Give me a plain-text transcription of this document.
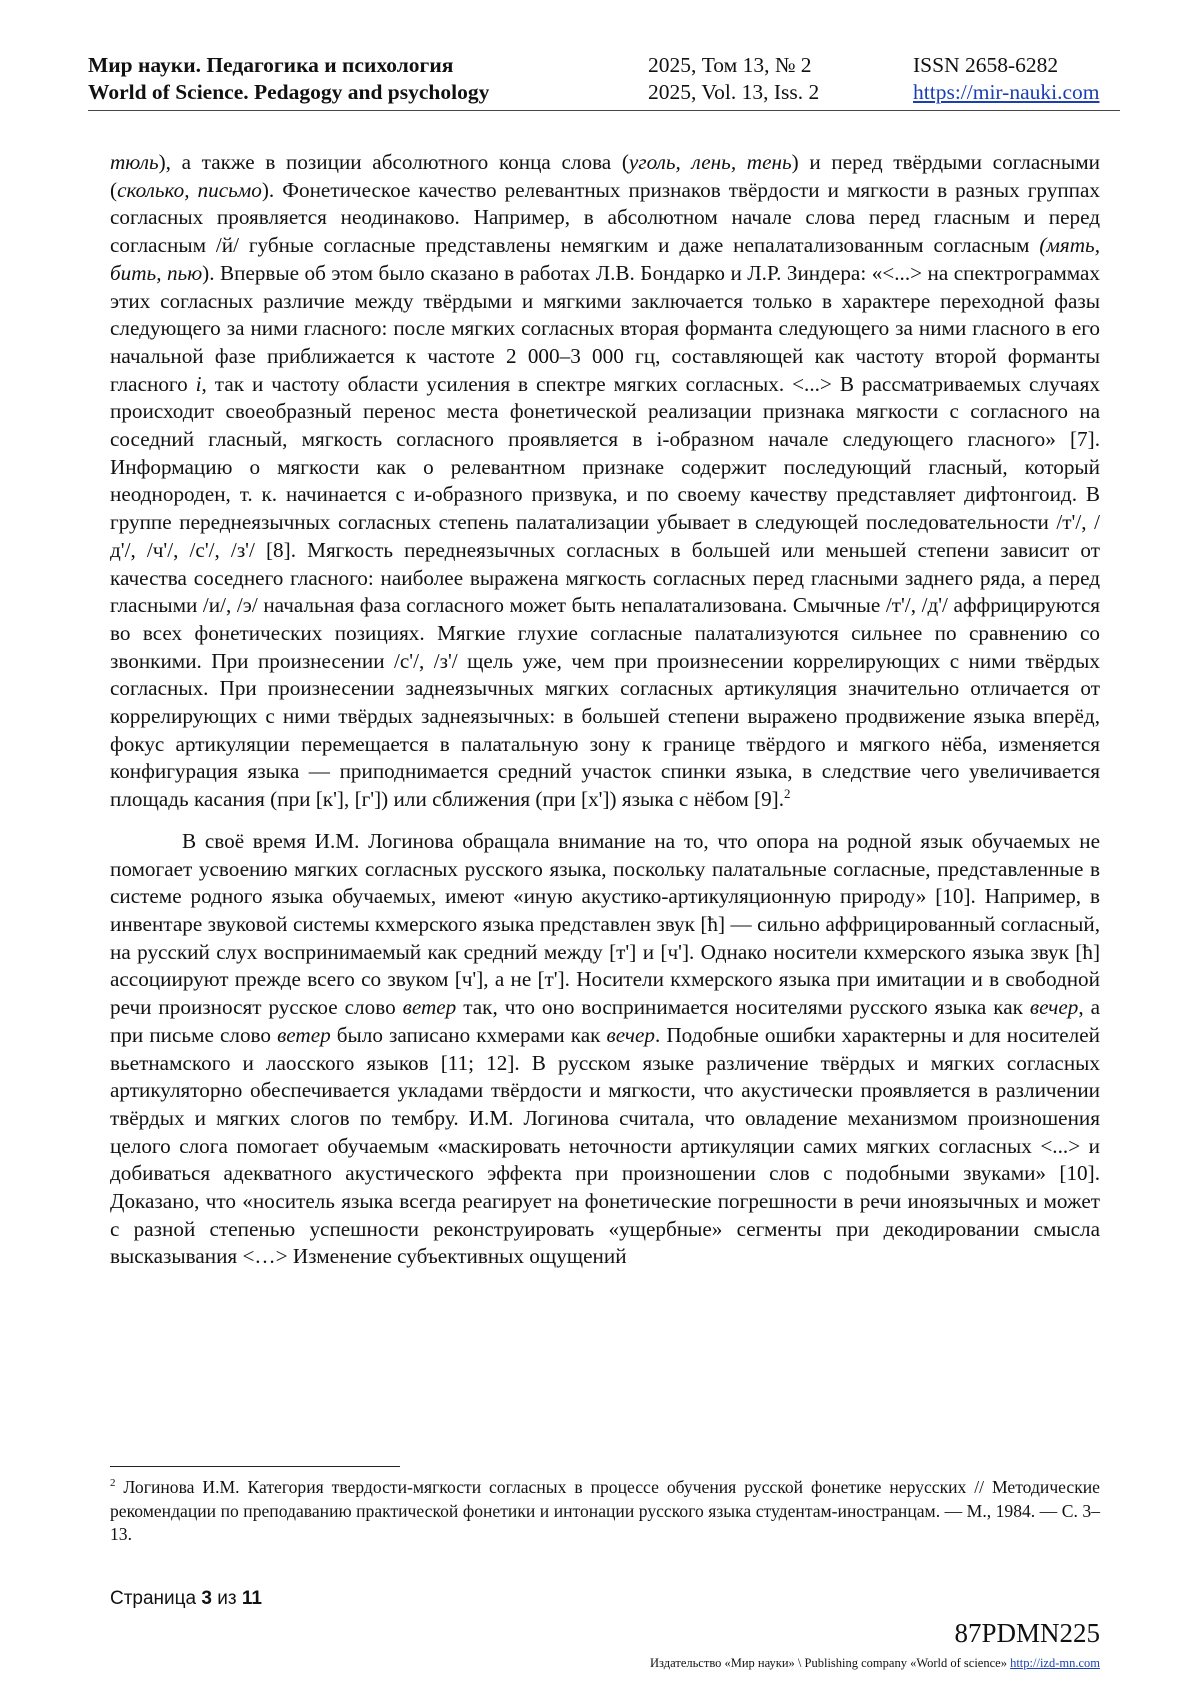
Мир науки. Педагогика и психология
World of Science. Pedagogy and psychology
2025, Том 13, № 2
2025, Vol. 13, Iss. 2
ISSN 2658-6282
https://mir-nauki.com

тюль), а также в позиции абсолютного конца слова (уголь, лень, тень) и перед твёрдыми согласными (сколько, письмо). Фонетическое качество релевантных признаков твёрдости и мягкости в разных группах согласных проявляется неодинаково. Например, в абсолютном начале слова перед гласным и перед согласным /й/ губные согласные представлены немягким и даже непалатализованным согласным (мять, бить, пью). Впервые об этом было сказано в работах Л.В. Бондарко и Л.Р. Зиндера: «<...> на спектрограммах этих согласных различие между твёрдыми и мягкими заключается только в характере переходной фазы следующего за ними гласного: после мягких согласных вторая форманта следующего за ними гласного в его начальной фазе приближается к частоте 2 000–3 000 гц, составляющей как частоту второй форманты гласного i, так и частоту области усиления в спектре мягких согласных. <...> В рассматриваемых случаях происходит своеобразный перенос места фонетической реализации признака мягкости с согласного на соседний гласный, мягкость согласного проявляется в i-образном начале следующего гласного» [7]. Информацию о мягкости как о релевантном признаке содержит последующий гласный, который неоднороден, т. к. начинается с и-образного призвука, и по своему качеству представляет дифтонгоид. В группе переднеязычных согласных степень палатализации убывает в следующей последовательности /т'/, /д'/, /ч'/, /с'/, /з'/ [8]. Мягкость переднеязычных согласных в большей или меньшей степени зависит от качества соседнего гласного: наиболее выражена мягкость согласных перед гласными заднего ряда, а перед гласными /и/, /э/ начальная фаза согласного может быть непалатализована. Смычные /т'/, /д'/ аффрицируются во всех фонетических позициях. Мягкие глухие согласные палатализуются сильнее по сравнению со звонкими. При произнесении /с'/, /з'/ щель уже, чем при произнесении коррелирующих с ними твёрдых согласных. При произнесении заднеязычных мягких согласных артикуляция значительно отличается от коррелирующих с ними твёрдых заднеязычных: в большей степени выражено продвижение языка вперёд, фокус артикуляции перемещается в палатальную зону к границе твёрдого и мягкого нёба, изменяется конфигурация языка — приподнимается средний участок спинки языка, в следствие чего увеличивается площадь касания (при [к'], [г']) или сближения (при [х']) языка с нёбом [9].$^2$

В своё время И.М. Логинова обращала внимание на то, что опора на родной язык обучаемых не помогает усвоению мягких согласных русского языка, поскольку палатальные согласные, представленные в системе родного языка обучаемых, имеют «иную акустико-артикуляционную природу» [10]. Например, в инвентаре звуковой системы кхмерского языка представлен звук [ħ] — сильно аффрицированный согласный, на русский слух воспринимаемый как средний между [т'] и [ч']. Однако носители кхмерского языка звук [ħ] ассоциируют прежде всего со звуком [ч'], а не [т']. Носители кхмерского языка при имитации и в свободной речи произносят русское слово ветер так, что оно воспринимается носителями русского языка как вечер, а при письме слово ветер было записано кхмерами как вечер. Подобные ошибки характерны и для носителей вьетнамского и лаосского языков [11; 12]. В русском языке различение твёрдых и мягких согласных артикуляторно обеспечивается укладами твёрдости и мягкости, что акустически проявляется в различении твёрдых и мягких слогов по тембру. И.М. Логинова считала, что овладение механизмом произношения целого слога помогает обучаемым «маскировать неточности артикуляции самих мягких согласных <...> и добиваться адекватного акустического эффекта при произношении слов с подобными звуками» [10]. Доказано, что «носитель языка всегда реагирует на фонетические погрешности в речи иноязычных и может с разной степенью успешности реконструировать «ущербные» сегменты при декодировании смысла высказывания <…> Изменение субъективных ощущений

$^2$ Логинова И.М. Категория твердости-мягкости согласных в процессе обучения русской фонетике нерусских // Методические рекомендации по преподаванию практической фонетики и интонации русского языка студентам-иностранцам. — М., 1984. — С. 3–13.
Страница 3 из 11
87PDMN225
Издательство «Мир науки» \ Publishing company «World of science» http://izd-mn.com
